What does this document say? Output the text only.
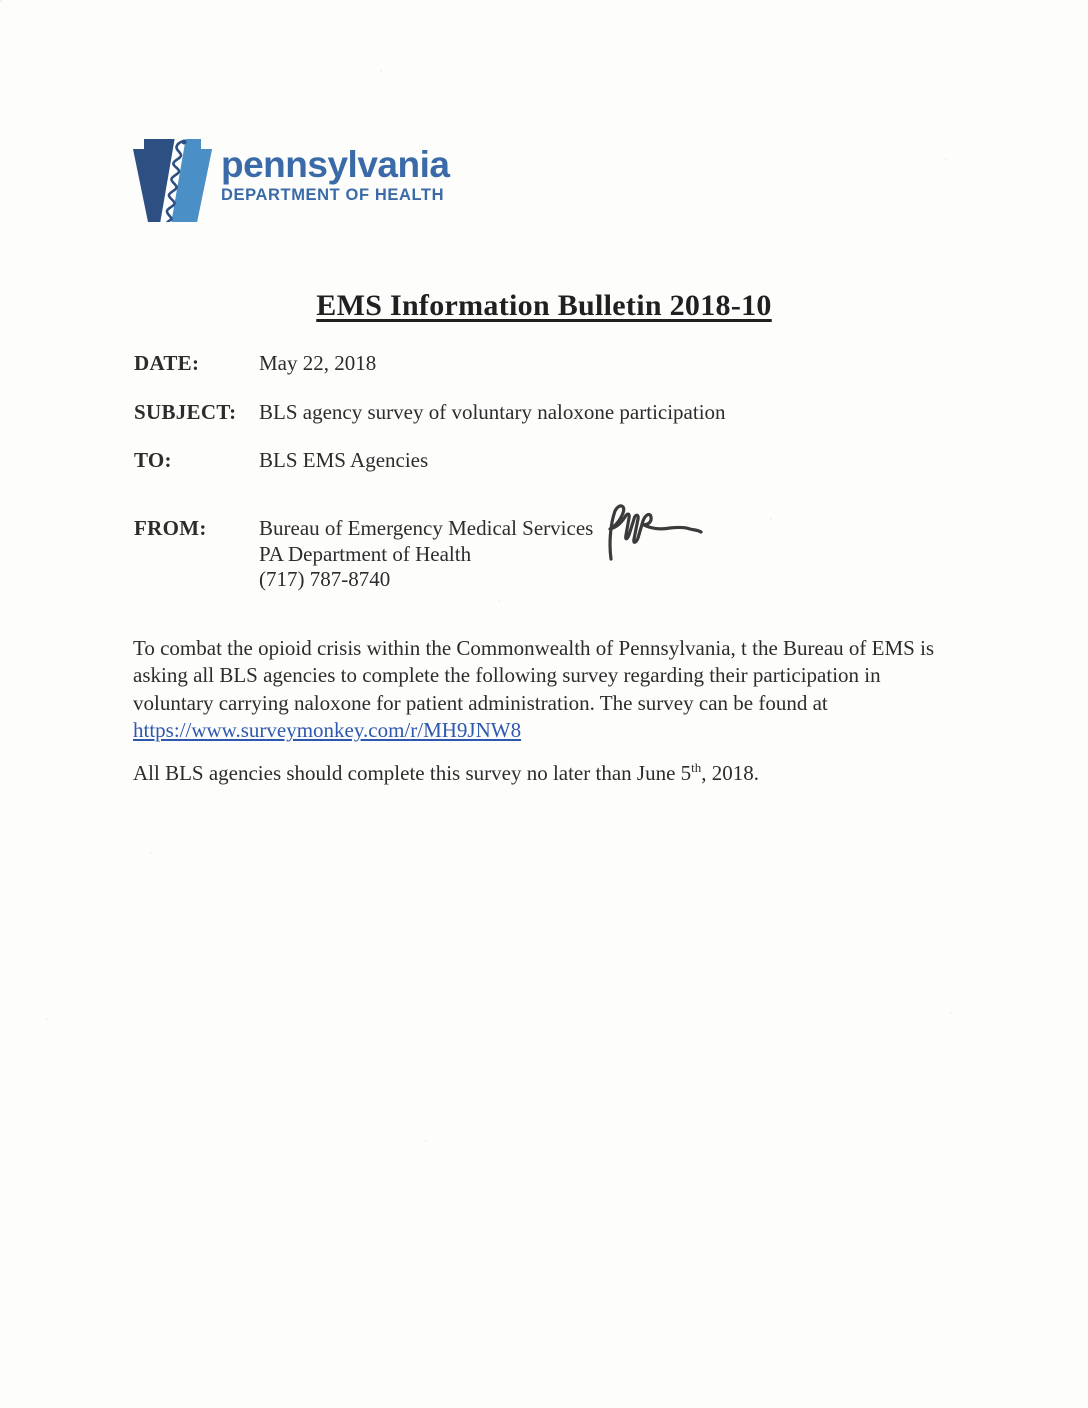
pennsylvania
DEPARTMENT OF HEALTH
EMS Information Bulletin 2018-10
DATE:	May 22, 2018
SUBJECT:	BLS agency survey of voluntary naloxone participation
TO:	BLS EMS Agencies
FROM:	Bureau of Emergency Medical Services
PA Department of Health
(717) 787-8740
To combat the opioid crisis within the Commonwealth of Pennsylvania, t the Bureau of EMS is
asking all BLS agencies to complete the following survey regarding their participation in
voluntary carrying naloxone for patient administration. The survey can be found at
https://www.surveymonkey.com/r/MH9JNW8
All BLS agencies should complete this survey no later than June 5th, 2018.
